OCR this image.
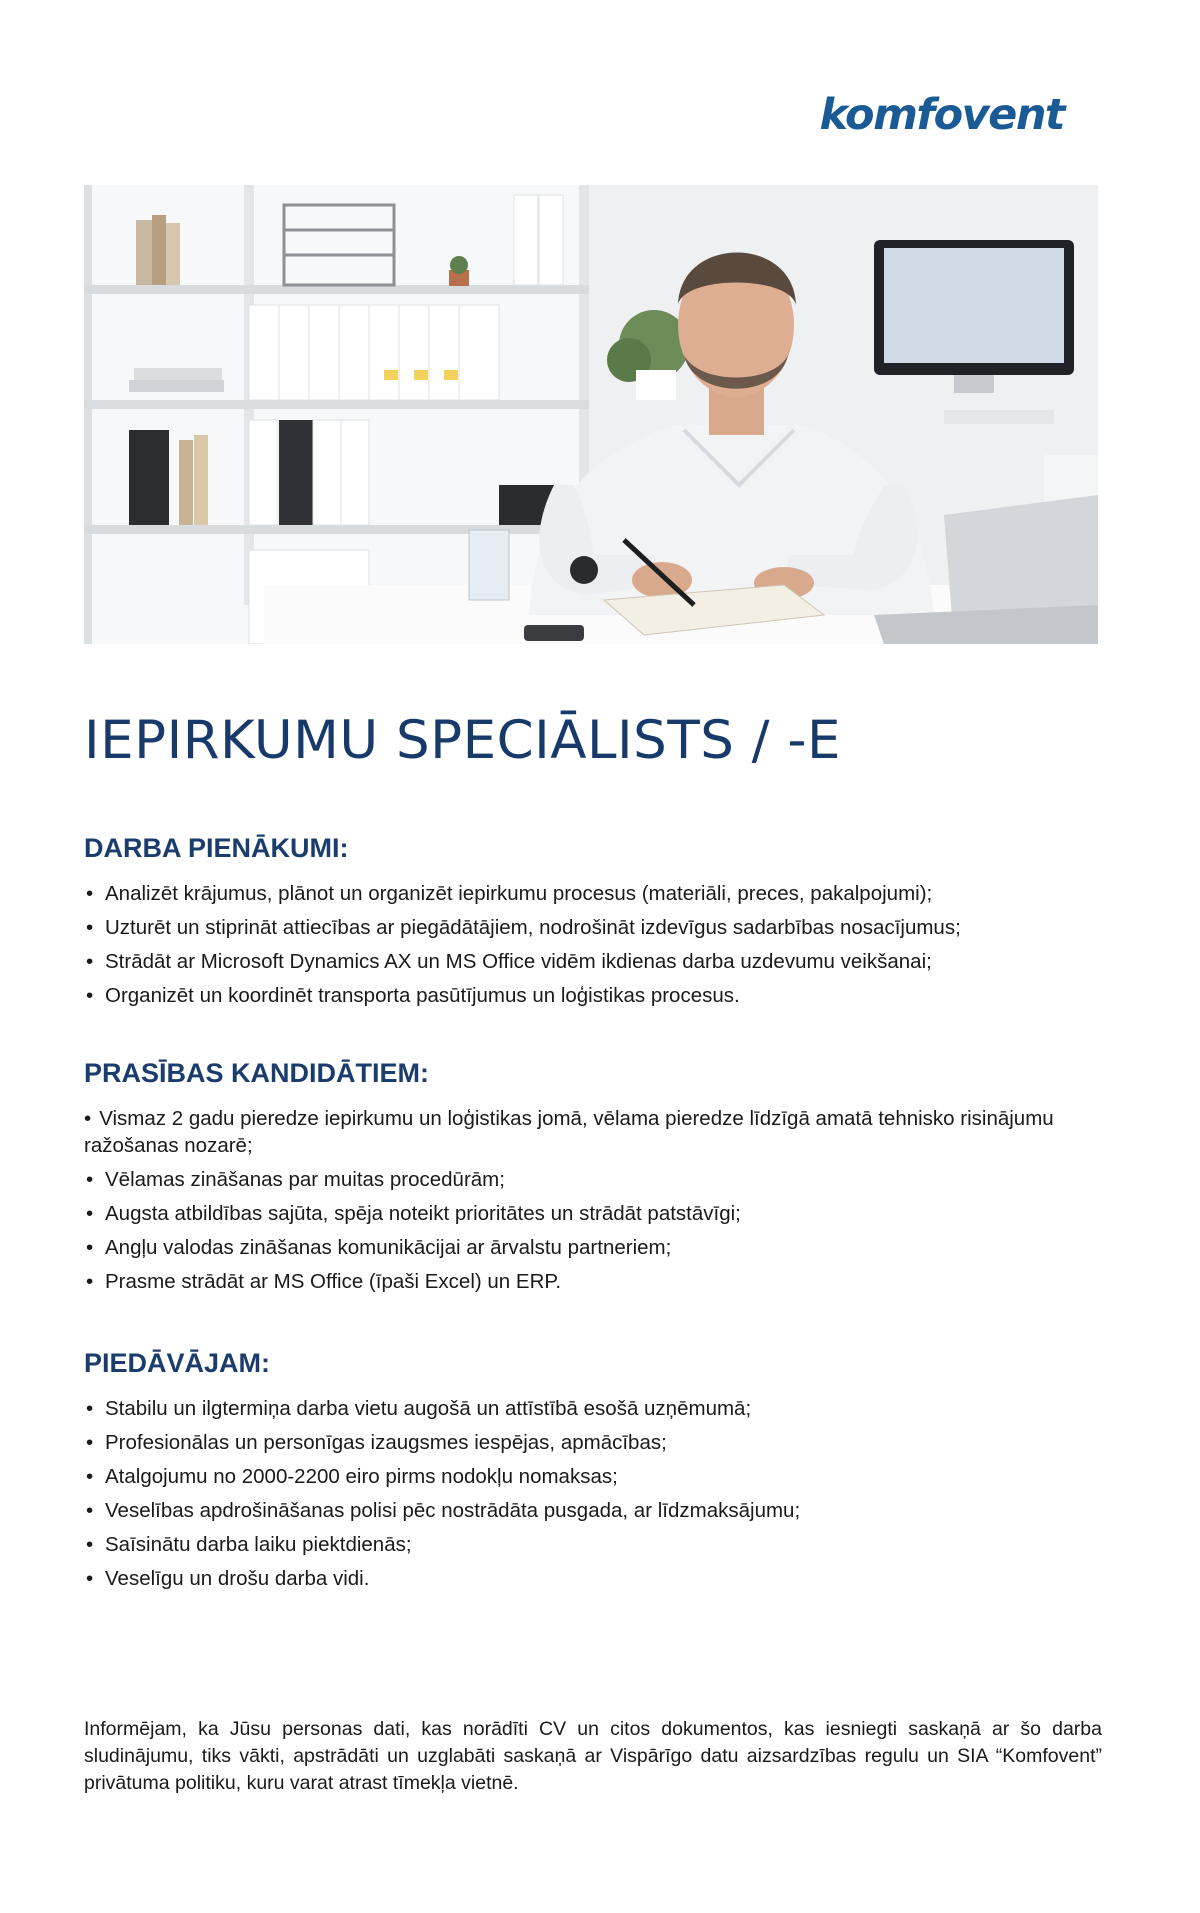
komfovent
IEPIRKUMU SPECIĀLISTS / -E
DARBA PIENĀKUMI:
• Analizēt krājumus, plānot un organizēt iepirkumu procesus (materiāli, preces, pakalpojumi);
• Uzturēt un stiprināt attiecības ar piegādātājiem, nodrošināt izdevīgus sadarbības nosacījumus;
• Strādāt ar Microsoft Dynamics AX un MS Office vidēm ikdienas darba uzdevumu veikšanai;
• Organizēt un koordinēt transporta pasūtījumus un loģistikas procesus.
PRASĪBAS KANDIDĀTIEM:
• Vismaz 2 gadu pieredze iepirkumu un loģistikas jomā, vēlama pieredze līdzīgā amatā tehnisko risinājumu ražošanas nozarē;
• Vēlamas zināšanas par muitas procedūrām;
• Augsta atbildības sajūta, spēja noteikt prioritātes un strādāt patstāvīgi;
• Angļu valodas zināšanas komunikācijai ar ārvalstu partneriem;
• Prasme strādāt ar MS Office (īpaši Excel) un ERP.
PIEDĀVĀJAM:
• Stabilu un ilgtermiņa darba vietu augošā un attīstībā esošā uzņēmumā;
• Profesionālas un personīgas izaugsmes iespējas, apmācības;
• Atalgojumu no 2000-2200 eiro pirms nodokļu nomaksas;
• Veselības apdrošināšanas polisi pēc nostrādāta pusgada, ar līdzmaksājumu;
• Saīsinātu darba laiku piektdienās;
• Veselīgu un drošu darba vidi.

Informējam, ka Jūsu personas dati, kas norādīti CV un citos dokumentos, kas iesniegti saskaņā ar šo darba sludinājumu, tiks vākti, apstrādāti un uzglabāti saskaņā ar Vispārīgo datu aizsardzības regulu un SIA “Komfovent” privātuma politiku, kuru varat atrast tīmekļa vietnē.
